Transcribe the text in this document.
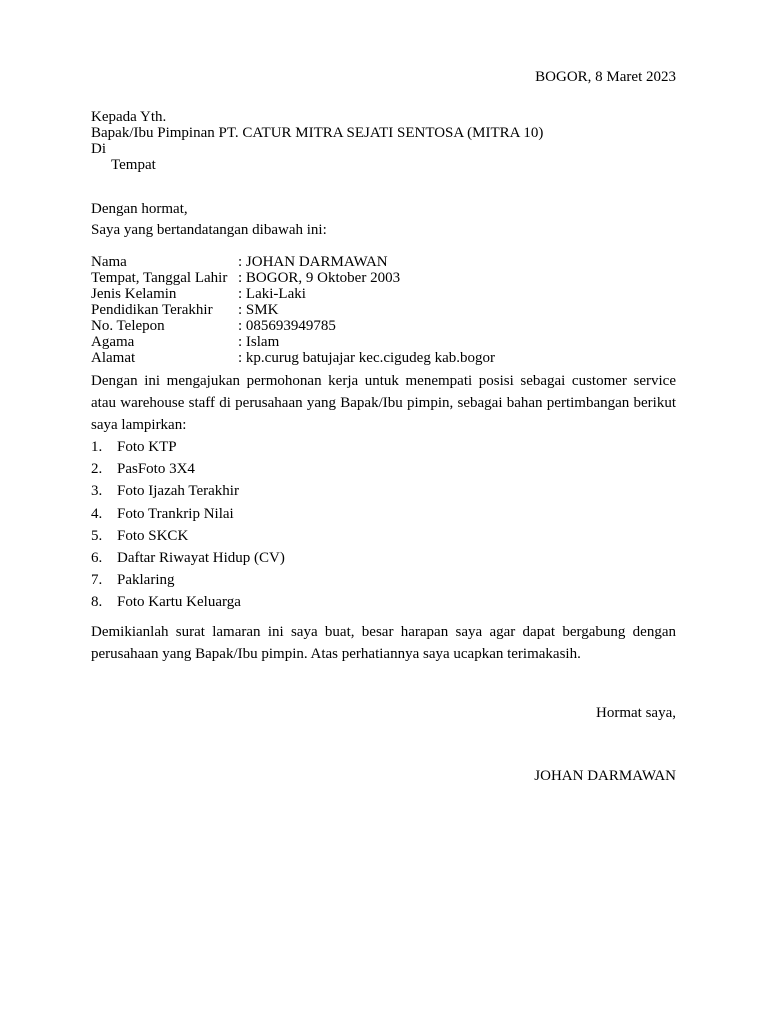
BOGOR, 8 Maret 2023
Kepada Yth.
Bapak/Ibu Pimpinan PT. CATUR MITRA SEJATI SENTOSA (MITRA 10)
Di
Tempat
Dengan hormat,
Saya yang bertandatangan dibawah ini:
Nama	: JOHAN DARMAWAN
Tempat, Tanggal Lahir : BOGOR, 9 Oktober 2003
Jenis Kelamin	: Laki-Laki
Pendidikan Terakhir	: SMK
No. Telepon	: 085693949785
Agama	: Islam
Alamat	: kp.curug batujajar kec.cigudeg kab.bogor
Dengan ini mengajukan permohonan kerja untuk menempati posisi sebagai customer service atau warehouse staff di perusahaan yang Bapak/Ibu pimpin, sebagai bahan pertimbangan berikut saya lampirkan:
1. Foto KTP
2. PasFoto 3X4
3. Foto Ijazah Terakhir
4. Foto Trankrip Nilai
5. Foto SKCK
6. Daftar Riwayat Hidup (CV)
7. Paklaring
8. Foto Kartu Keluarga
Demikianlah surat lamaran ini saya buat, besar harapan saya agar dapat bergabung dengan perusahaan yang Bapak/Ibu pimpin. Atas perhatiannya saya ucapkan terimakasih.
Hormat saya,
JOHAN DARMAWAN
